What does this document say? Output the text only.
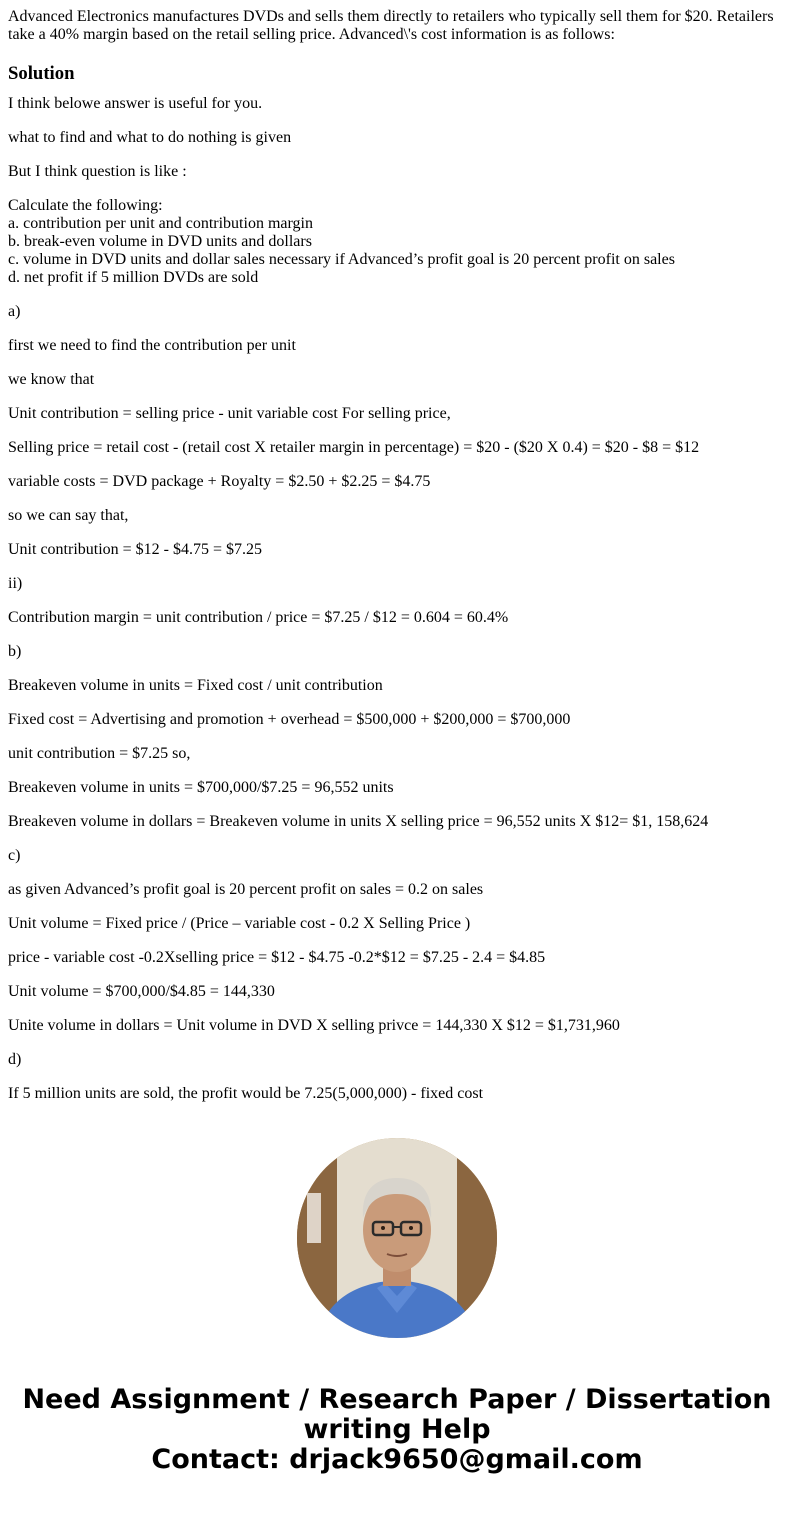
Advanced Electronics manufactures DVDs and sells them directly to retailers who typically sell them for $20. Retailers take a 40% margin based on the retail selling price. Advanced\'s cost information is as follows:
Solution

I think belowe answer is useful for you.

what to find and what to do nothing is given

But I think question is like :

Calculate the following:
a. contribution per unit and contribution margin
b. break-even volume in DVD units and dollars
c. volume in DVD units and dollar sales necessary if Advanced’s profit goal is 20 percent profit on sales
d. net profit if 5 million DVDs are sold

a)

first we need to find the contribution per unit

we know that

Unit contribution = selling price - unit variable cost For selling price,

Selling price = retail cost - (retail cost X retailer margin in percentage) = $20 - ($20 X 0.4) = $20 - $8 = $12

variable costs = DVD package + Royalty = $2.50 + $2.25 = $4.75

so we can say that,

Unit contribution = $12 - $4.75 = $7.25

ii)

Contribution margin = unit contribution / price = $7.25 / $12 = 0.604 = 60.4%

b)

Breakeven volume in units = Fixed cost / unit contribution

Fixed cost = Advertising and promotion + overhead = $500,000 + $200,000 = $700,000

unit contribution = $7.25 so,

Breakeven volume in units = $700,000/$7.25 = 96,552 units

Breakeven volume in dollars = Breakeven volume in units X selling price = 96,552 units X $12= $1, 158,624

c)

as given Advanced’s profit goal is 20 percent profit on sales = 0.2 on sales

Unit volume = Fixed price / (Price – variable cost - 0.2 X Selling Price )

price - variable cost -0.2Xselling price = $12 - $4.75 -0.2*$12 = $7.25 - 2.4 = $4.85

Unit volume = $700,000/$4.85 = 144,330

Unite volume in dollars = Unit volume in DVD X selling privce = 144,330 X $12 = $1,731,960

d)

If 5 million units are sold, the profit would be 7.25(5,000,000) - fixed cost

Need Assignment / Research Paper / Dissertation
writing Help
Contact: drjack9650@gmail.com
